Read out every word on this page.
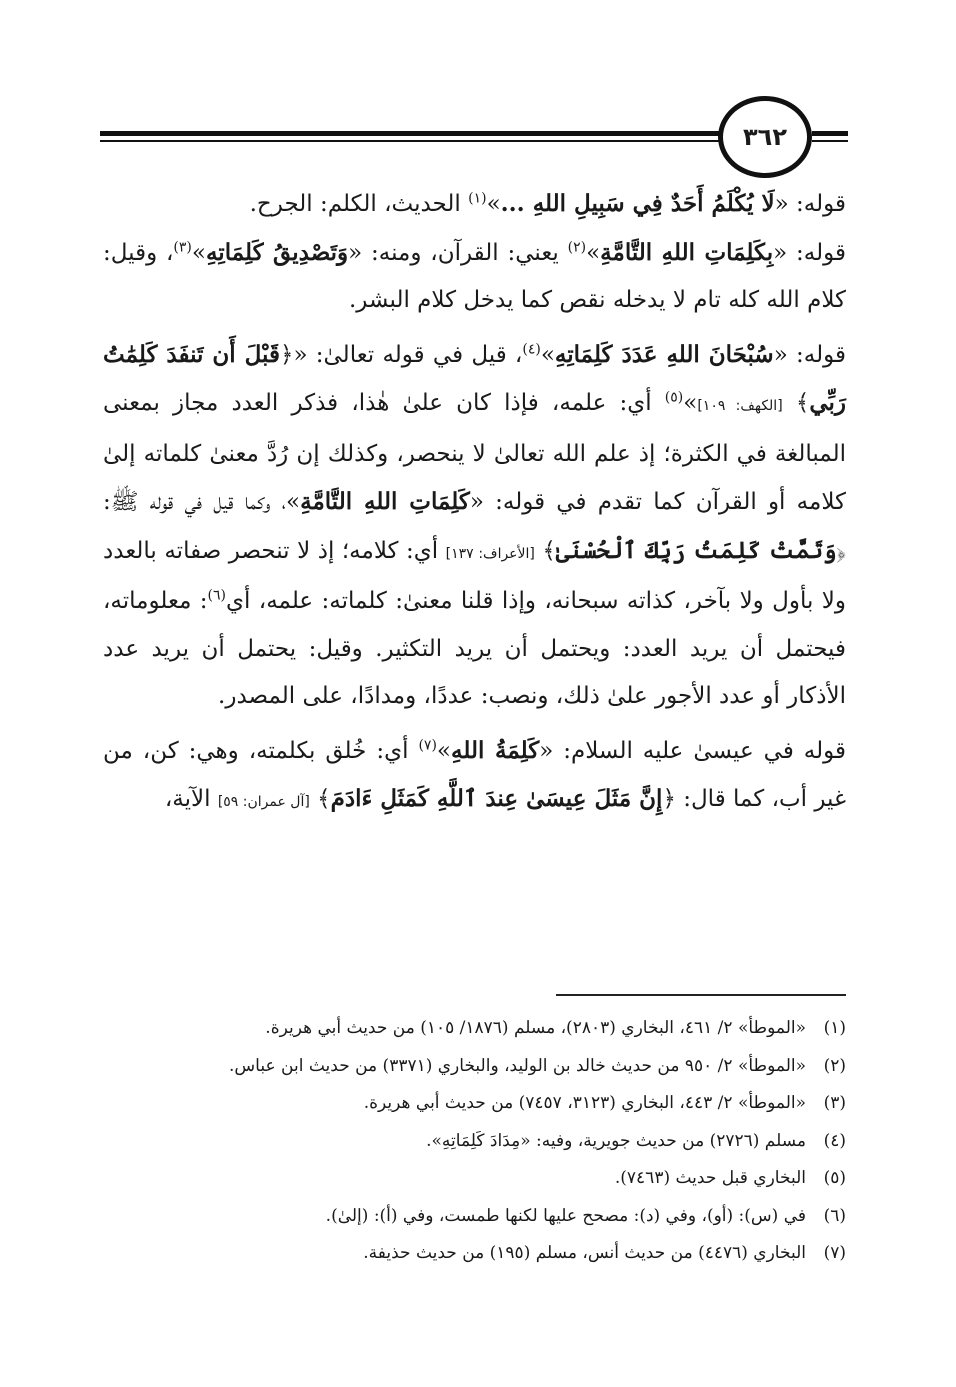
٣٦٢

قوله: «لَا يُكْلَمُ أَحَدٌ فِي سَبِيلِ اللهِ ...»$^{(١)}$ الحديث، الكلم: الجرح.

قوله: «بِكَلِمَاتِ اللهِ التَّامَّةِ»$^{(٢)}$ يعني: القرآن، ومنه: «وَتَصْدِيقُ كَلِمَاتِهِ»$^{(٣)}$، وقيل: كلام الله كله تام لا يدخله نقص كما يدخل كلام البشر.

قوله: «سُبْحَانَ اللهِ عَدَدَ كَلِمَاتِهِ»$^{(٤)}$، قيل في قوله تعالىٰ: «﴿قَبْلَ أَن تَنفَدَ كَلِمَٰتُ رَبِّي﴾ [الكهف: ١٠٩]»$^{(٥)}$ أي: علمه، فإذا كان علىٰ هٰذا، فذكر العدد مجاز بمعنى المبالغة في الكثرة؛ إذ علم الله تعالىٰ لا ينحصر، وكذلك إن رُدَّ معنىٰ كلماته إلىٰ كلامه أو القرآن كما تقدم في قوله: «كَلِمَاتِ اللهِ التَّامَّةِ»، وكما قيل في قوله ﷺ: ﴿وَتَمَّتْ كَلِمَتُ رَبِّكَ ٱلْحُسْنَىٰ﴾ [الأعراف: ١٣٧] أي: كلامه؛ إذ لا تنحصر صفاته بالعدد ولا بأول ولا بآخر، كذاته سبحانه، وإذا قلنا معنىٰ: كلماته: علمه، أي$^{(٦)}$: معلوماته، فيحتمل أن يريد العدد: ويحتمل أن يريد التكثير. وقيل: يحتمل أن يريد عدد الأذكار أو عدد الأجور علىٰ ذلك، ونصب: عددًا، ومدادًا، على المصدر.

قوله في عيسىٰ عليه السلام: «كَلِمَةُ اللهِ»$^{(٧)}$ أي: خُلق بكلمته، وهي: كن، من غير أب، كما قال: ﴿إِنَّ مَثَلَ عِيسَىٰ عِندَ ٱللَّهِ كَمَثَلِ ءَادَمَ﴾ [آل عمران: ٥٩] الآية،

(١)
«الموطأ» ٢/ ٤٦١، البخاري (٢٨٠٣)، مسلم (١٨٧٦/ ١٠٥) من حديث أبي هريرة.
(٢)
«الموطأ» ٢/ ٩٥٠ من حديث خالد بن الوليد، والبخاري (٣٣٧١) من حديث ابن عباس.
(٣)
«الموطأ» ٢/ ٤٤٣، البخاري (٣١٢٣، ٧٤٥٧) من حديث أبي هريرة.
(٤)
مسلم (٢٧٢٦) من حديث جويرية، وفيه: «مِدَادَ كَلِمَاتِهِ».
(٥)
البخاري قبل حديث (٧٤٦٣).
(٦)
في (س): (أو)، وفي (د): مصحح عليها لكنها طمست، وفي (أ): (إلىٰ).
(٧)
البخاري (٤٤٧٦) من حديث أنس، مسلم (١٩٥) من حديث حذيفة.
